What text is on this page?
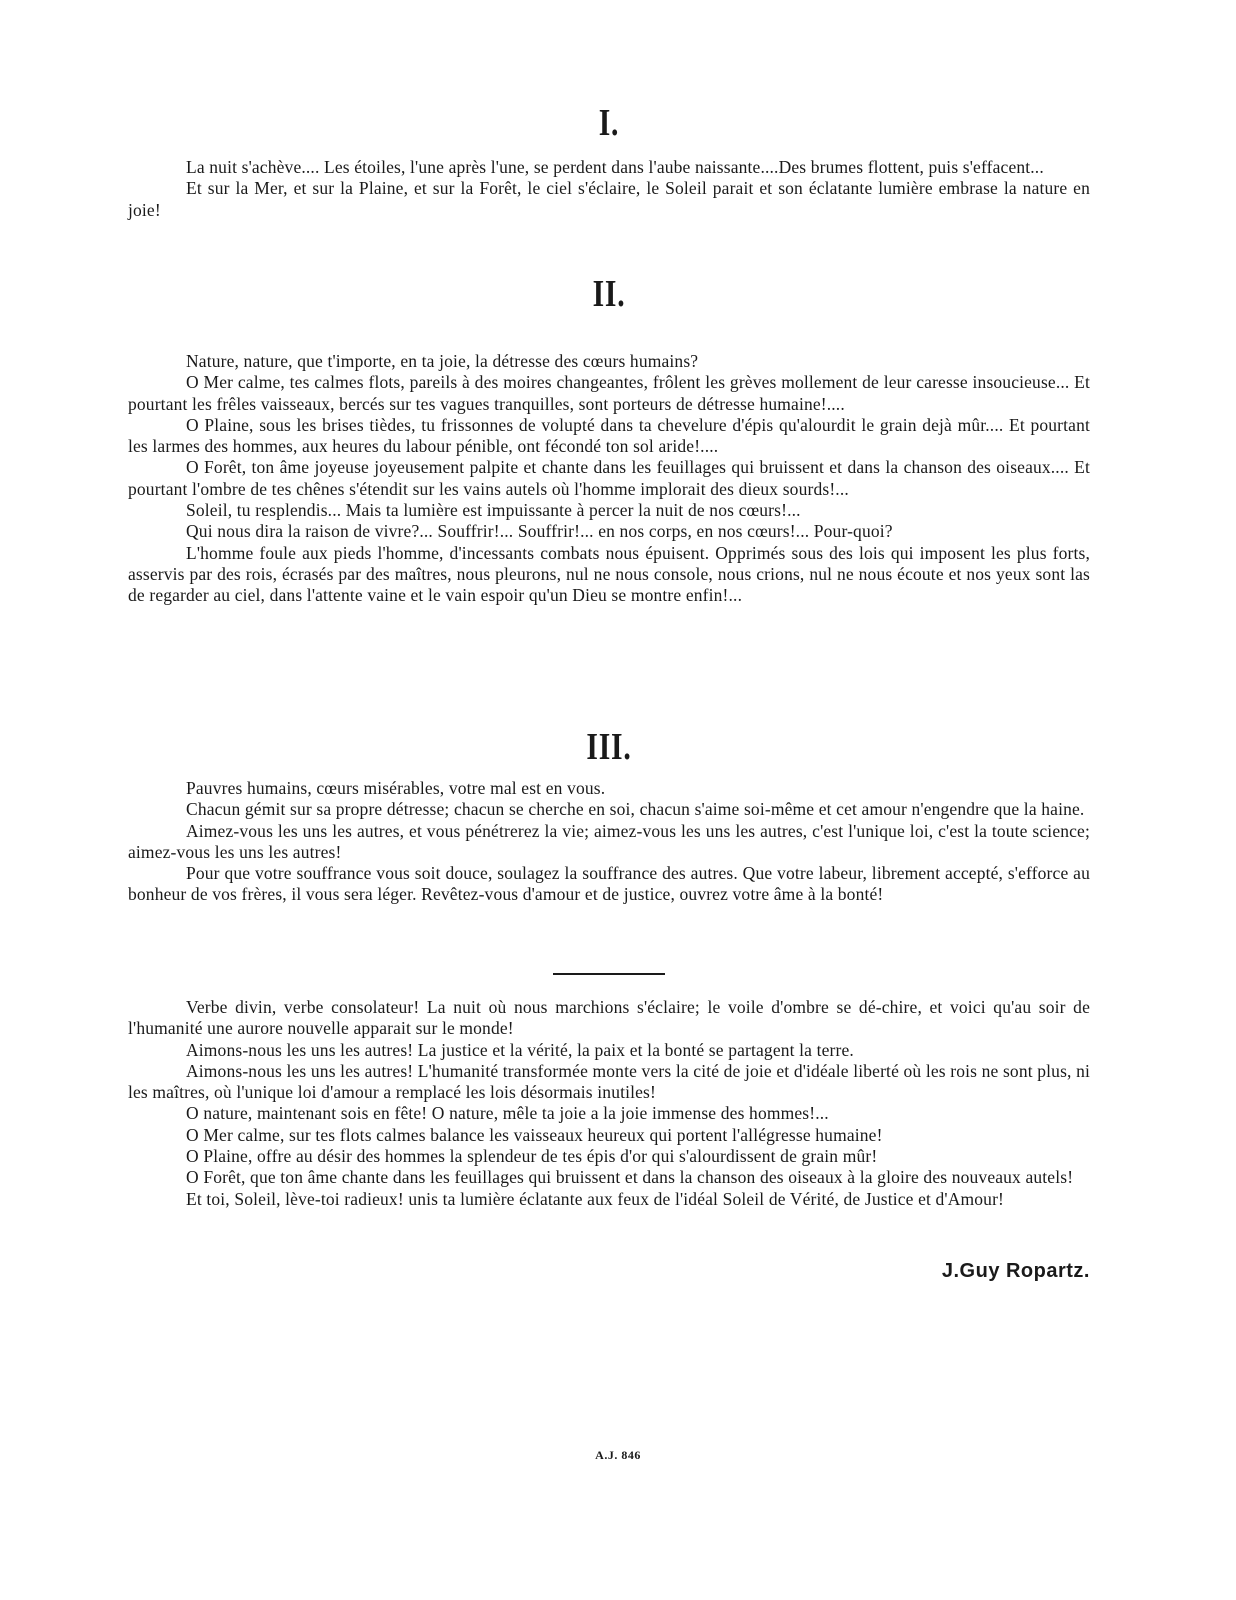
I.

La nuit s'achève.... Les étoiles, l'une après l'une, se perdent dans l'aube naissante....Des brumes flottent, puis s'effacent...

Et sur la Mer, et sur la Plaine, et sur la Forêt, le ciel s'éclaire, le Soleil parait et son éclatante lumière embrase la nature en joie!

II.

Nature, nature, que t'importe, en ta joie, la détresse des cœurs humains?

O Mer calme, tes calmes flots, pareils à des moires changeantes, frôlent les grèves mollement de leur caresse insoucieuse... Et pourtant les frêles vaisseaux, bercés sur tes vagues tranquilles, sont porteurs de détresse humaine!....

O Plaine, sous les brises tièdes, tu frissonnes de volupté dans ta chevelure d'épis qu'alourdit le grain dejà mûr.... Et pourtant les larmes des hommes, aux heures du labour pénible, ont fécondé ton sol aride!....

O Forêt, ton âme joyeuse joyeusement palpite et chante dans les feuillages qui bruissent et dans la chanson des oiseaux.... Et pourtant l'ombre de tes chênes s'étendit sur les vains autels où l'homme implorait des dieux sourds!...

Soleil, tu resplendis... Mais ta lumière est impuissante à percer la nuit de nos cœurs!...

Qui nous dira la raison de vivre?... Souffrir!... Souffrir!... en nos corps, en nos cœurs!... Pour-quoi?

L'homme foule aux pieds l'homme, d'incessants combats nous épuisent. Opprimés sous des lois qui imposent les plus forts, asservis par des rois, écrasés par des maîtres, nous pleurons, nul ne nous console, nous crions, nul ne nous écoute et nos yeux sont las de regarder au ciel, dans l'attente vaine et le vain espoir qu'un Dieu se montre enfin!...

III.

Pauvres humains, cœurs misérables, votre mal est en vous.

Chacun gémit sur sa propre détresse; chacun se cherche en soi, chacun s'aime soi-même et cet amour n'engendre que la haine.

Aimez-vous les uns les autres, et vous pénétrerez la vie; aimez-vous les uns les autres, c'est l'unique loi, c'est la toute science; aimez-vous les uns les autres!

Pour que votre souffrance vous soit douce, soulagez la souffrance des autres. Que votre labeur, librement accepté, s'efforce au bonheur de vos frères, il vous sera léger. Revêtez-vous d'amour et de justice, ouvrez votre âme à la bonté!

Verbe divin, verbe consolateur! La nuit où nous marchions s'éclaire; le voile d'ombre se dé-chire, et voici qu'au soir de l'humanité une aurore nouvelle apparait sur le monde!

Aimons-nous les uns les autres! La justice et la vérité, la paix et la bonté se partagent la terre.

Aimons-nous les uns les autres! L'humanité transformée monte vers la cité de joie et d'idéale liberté où les rois ne sont plus, ni les maîtres, où l'unique loi d'amour a remplacé les lois désormais inutiles!

O nature, maintenant sois en fête! O nature, mêle ta joie a la joie immense des hommes!...

O Mer calme, sur tes flots calmes balance les vaisseaux heureux qui portent l'allégresse humaine!

O Plaine, offre au désir des hommes la splendeur de tes épis d'or qui s'alourdissent de grain mûr!

O Forêt, que ton âme chante dans les feuillages qui bruissent et dans la chanson des oiseaux à la gloire des nouveaux autels!

Et toi, Soleil, lève-toi radieux! unis ta lumière éclatante aux feux de l'idéal Soleil de Vérité, de Justice et d'Amour!

J.Guy Ropartz.

A.J. 846
